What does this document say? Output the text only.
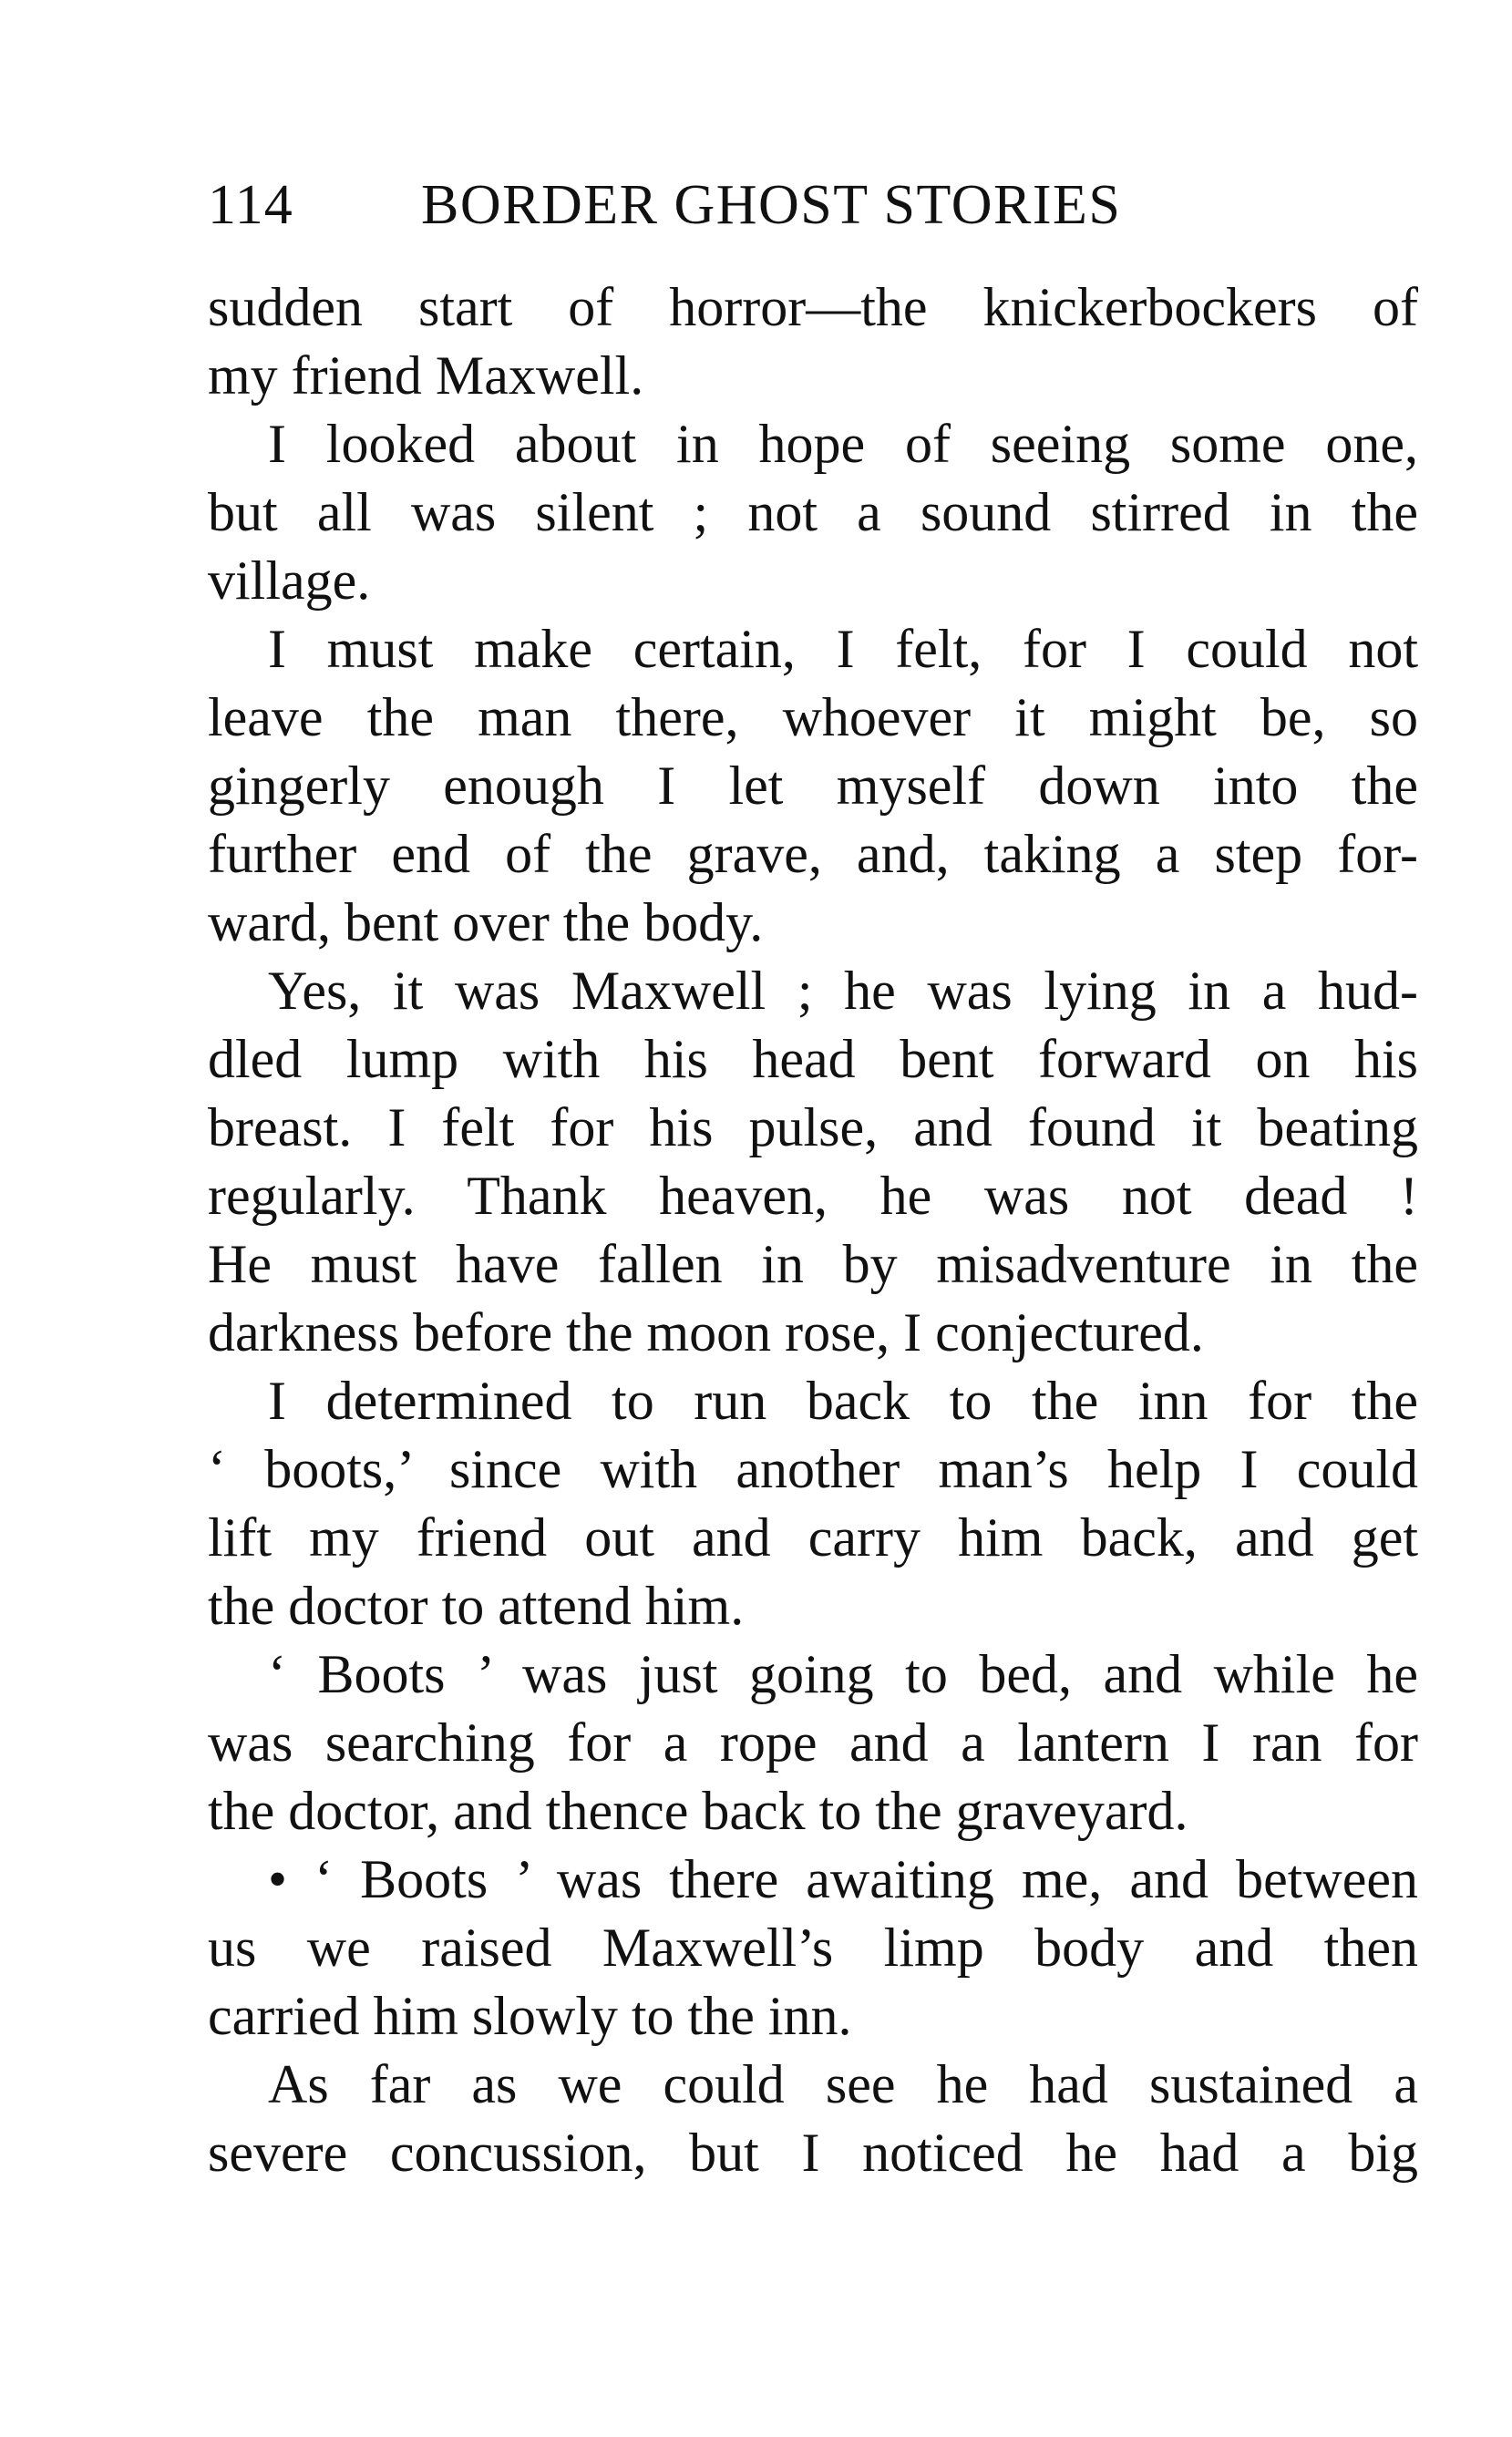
114 BORDER GHOST STORIES
sudden start of horror—the knickerbockers of
my friend Maxwell.
I looked about in hope of seeing some one,
but all was silent ; not a sound stirred in the
village.
I must make certain, I felt, for I could not
leave the man there, whoever it might be, so
gingerly enough I let myself down into the
further end of the grave, and, taking a step for-
ward, bent over the body.
Yes, it was Maxwell ; he was lying in a hud-
dled lump with his head bent forward on his
breast. I felt for his pulse, and found it beating
regularly. Thank heaven, he was not dead !
He must have fallen in by misadventure in the
darkness before the moon rose, I conjectured.
I determined to run back to the inn for the
‘ boots,’ since with another man’s help I could
lift my friend out and carry him back, and get
the doctor to attend him.
‘ Boots ’ was just going to bed, and while he
was searching for a rope and a lantern I ran for
the doctor, and thence back to the graveyard.
• ‘ Boots ’ was there awaiting me, and between
us we raised Maxwell’s limp body and then
carried him slowly to the inn.
As far as we could see he had sustained a
severe concussion, but I noticed he had a big
